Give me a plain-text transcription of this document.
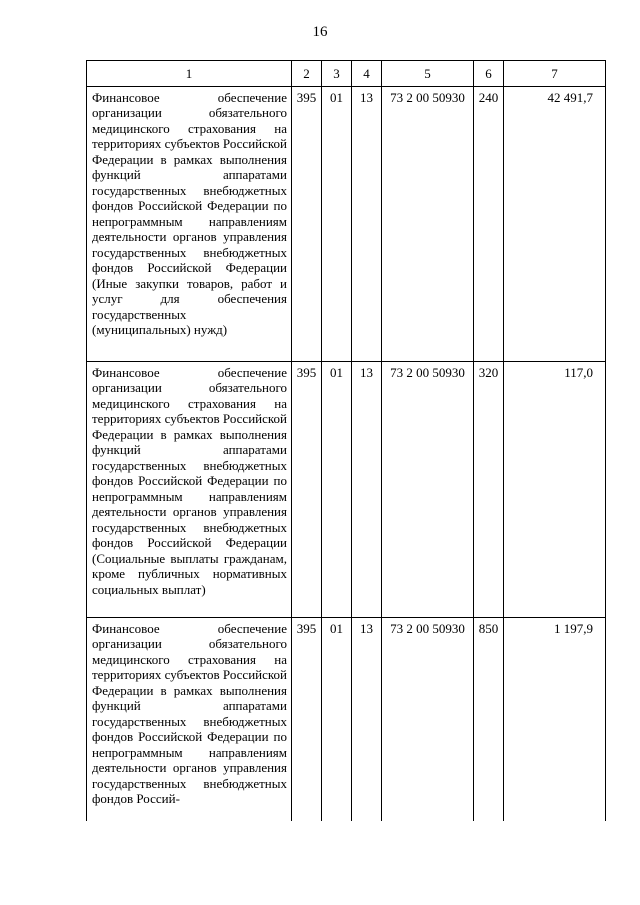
16
1	2	3	4	5	6	7
Финансовое обеспечение организации обязательного медицинского страхования на территориях субъектов Российской Федерации в рамках выполнения функций аппаратами государственных внебюджетных фондов Российской Федерации по непрограммным направлениям деятельности органов управления государственных внебюджетных фондов Российской Федерации (Иные закупки товаров, работ и услуг для обеспечения государственных (муниципальных) нужд)	395	01	13	73 2 00 50930	240	42 491,7
Финансовое обеспечение организации обязательного медицинского страхования на территориях субъектов Российской Федерации в рамках выполнения функций аппаратами государственных внебюджетных фондов Российской Федерации по непрограммным направлениям деятельности органов управления государственных внебюджетных фондов Российской Федерации (Социальные выплаты гражданам, кроме публичных нормативных социальных выплат)	395	01	13	73 2 00 50930	320	117,0
Финансовое обеспечение организации обязательного медицинского страхования на территориях субъектов Российской Федерации в рамках выполнения функций аппаратами государственных внебюджетных фондов Российской Федерации по непрограммным направлениям деятельности органов управления государственных внебюджетных фондов Россий-	395	01	13	73 2 00 50930	850	1 197,9
